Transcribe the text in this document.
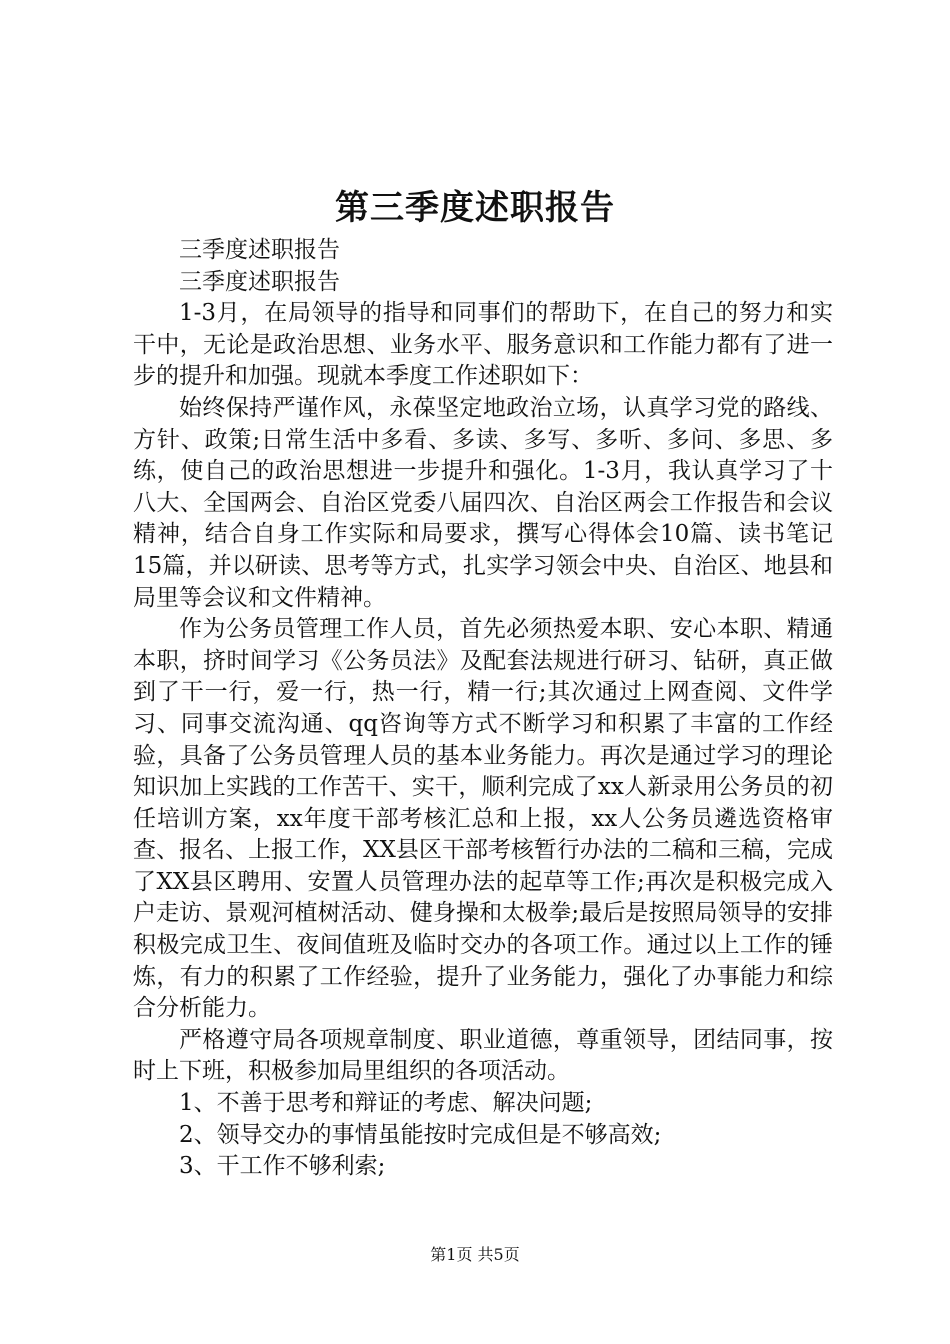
第三季度述职报告

三季度述职报告

三季度述职报告

1-3月，在局领导的指导和同事们的帮助下，在自己的努力和实干中，无论是政治思想、业务水平、服务意识和工作能力都有了进一步的提升和加强。现就本季度工作述职如下：

始终保持严谨作风，永葆坚定地政治立场，认真学习党的路线、方针、政策;日常生活中多看、多读、多写、多听、多问、多思、多练，使自己的政治思想进一步提升和强化。1-3月，我认真学习了十八大、全国两会、自治区党委八届四次、自治区两会工作报告和会议精神，结合自身工作实际和局要求，撰写心得体会10篇、读书笔记15篇，并以研读、思考等方式，扎实学习领会中央、自治区、地县和局里等会议和文件精神。

作为公务员管理工作人员，首先必须热爱本职、安心本职、精通本职，挤时间学习《公务员法》及配套法规进行研习、钻研，真正做到了干一行，爱一行，热一行，精一行;其次通过上网查阅、文件学习、同事交流沟通、qq咨询等方式不断学习和积累了丰富的工作经验，具备了公务员管理人员的基本业务能力。再次是通过学习的理论知识加上实践的工作苦干、实干，顺利完成了xx人新录用公务员的初任培训方案，xx年度干部考核汇总和上报，xx人公务员遴选资格审查、报名、上报工作，XX县区干部考核暂行办法的二稿和三稿，完成了XX县区聘用、安置人员管理办法的起草等工作;再次是积极完成入户走访、景观河植树活动、健身操和太极拳;最后是按照局领导的安排积极完成卫生、夜间值班及临时交办的各项工作。通过以上工作的锤炼，有力的积累了工作经验，提升了业务能力，强化了办事能力和综合分析能力。

严格遵守局各项规章制度、职业道德，尊重领导，团结同事，按时上下班，积极参加局里组织的各项活动。

1、不善于思考和辩证的考虑、解决问题;

2、领导交办的事情虽能按时完成但是不够高效;

3、干工作不够利索;

第1页 共5页
